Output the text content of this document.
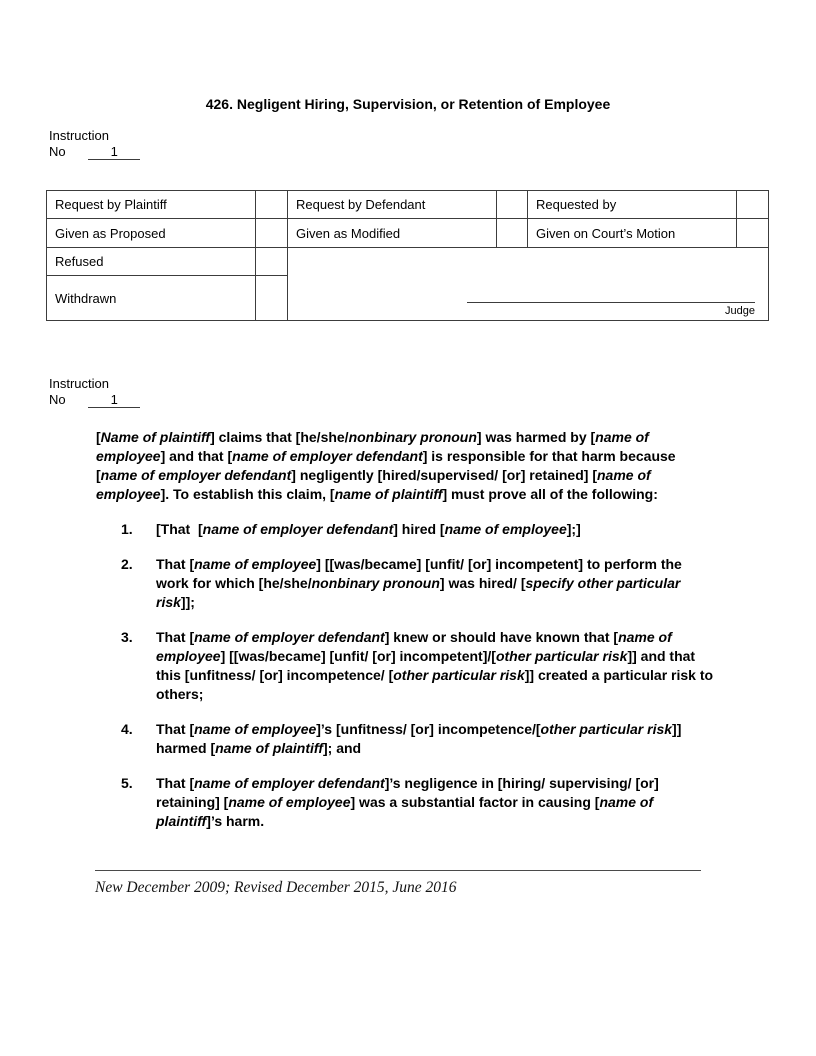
426. Negligent Hiring, Supervision, or Retention of Employee
Instruction
No	1
Request by Plaintiff		Request by Defendant		Requested by	
Given as Proposed		Given as Modified		Given on Court’s Motion	
Refused		Judge			

Withdrawn					
Instruction
No	1

[Name of plaintiff] claims that [he/she/nonbinary pronoun] was harmed by [name of employee] and that [name of employer defendant] is responsible for that harm because [name of employer defendant] negligently [hired/supervised/ [or] retained] [name of employee]. To establish this claim, [name of plaintiff] must prove all of the following:

1. [That  [name of employer defendant] hired [name of employee];]
2. That [name of employee] [[was/became] [unfit/ [or] incompetent] to perform the work for which [he/she/nonbinary pronoun] was hired/ [specify other particular risk]];
3. That [name of employer defendant] knew or should have known that [name of employee] [[was/became] [unfit/ [or] incompetent]/[other particular risk]] and that this [unfitness/ [or] incompetence/ [other particular risk]] created a particular risk to others;
4. That [name of employee]’s [unfitness/ [or] incompetence/[other particular risk]] harmed [name of plaintiff]; and
5. That [name of employer defendant]’s negligence in [hiring/ supervising/ [or] retaining] [name of employee] was a substantial factor in causing [name of plaintiff]’s harm.
New December 2009; Revised December 2015, June 2016
